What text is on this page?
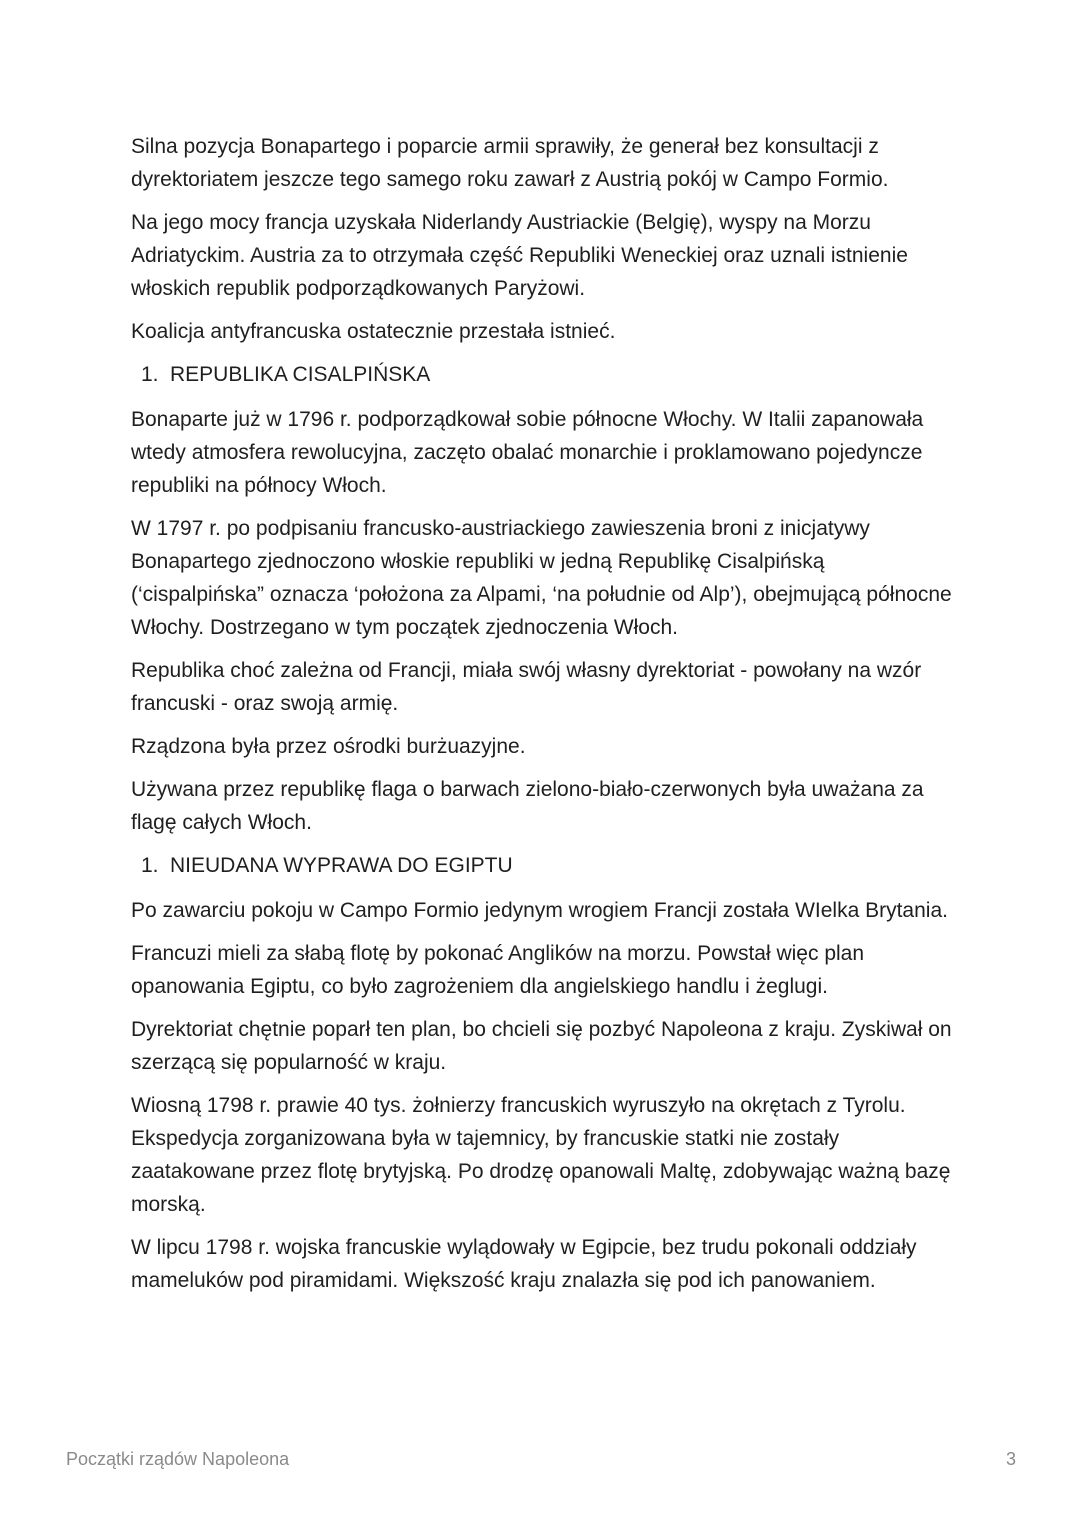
Silna pozycja Bonapartego i poparcie armii sprawiły, że generał bez konsultacji z dyrektoriatem jeszcze tego samego roku zawarł z Austrią pokój w Campo Formio.

Na jego mocy francja uzyskała Niderlandy Austriackie (Belgię), wyspy na Morzu Adriatyckim. Austria za to otrzymała część Republiki Weneckiej oraz uznali istnienie włoskich republik podporządkowanych Paryżowi.

Koalicja antyfrancuska ostatecznie przestała istnieć.

1. REPUBLIKA CISALPIŃSKA

Bonaparte już w 1796 r. podporządkował sobie północne Włochy. W Italii zapanowała wtedy atmosfera rewolucyjna, zaczęto obalać monarchie i proklamowano pojedyncze republiki na północy Włoch.

W 1797 r. po podpisaniu francusko-austriackiego zawieszenia broni z inicjatywy Bonapartego zjednoczono włoskie republiki w jedną Republikę Cisalpińską (‘cispalpińska” oznacza ‘położona za Alpami, ‘na południe od Alp’), obejmującą północne Włochy. Dostrzegano w tym początek zjednoczenia Włoch.

Republika choć zależna od Francji, miała swój własny dyrektoriat - powołany na wzór francuski - oraz swoją armię.

Rządzona była przez ośrodki burżuazyjne.

Używana przez republikę flaga o barwach zielono-biało-czerwonych była uważana za flagę całych Włoch.

1. NIEUDANA WYPRAWA DO EGIPTU

Po zawarciu pokoju w Campo Formio jedynym wrogiem Francji została WIelka Brytania.

Francuzi mieli za słabą flotę by pokonać Anglików na morzu. Powstał więc plan opanowania Egiptu, co było zagrożeniem dla angielskiego handlu i żeglugi.

Dyrektoriat chętnie poparł ten plan, bo chcieli się pozbyć Napoleona z kraju. Zyskiwał on szerzącą się popularność w kraju.

Wiosną 1798 r. prawie 40 tys. żołnierzy francuskich wyruszyło na okrętach z Tyrolu. Ekspedycja zorganizowana była w tajemnicy, by francuskie statki nie zostały zaatakowane przez flotę brytyjską. Po drodzę opanowali Maltę, zdobywając ważną bazę morską.

W lipcu 1798 r. wojska francuskie wylądowały w Egipcie, bez trudu pokonali oddziały mameluków pod piramidami. Większość kraju znalazła się pod ich panowaniem.

Początki rządów Napoleona	3
